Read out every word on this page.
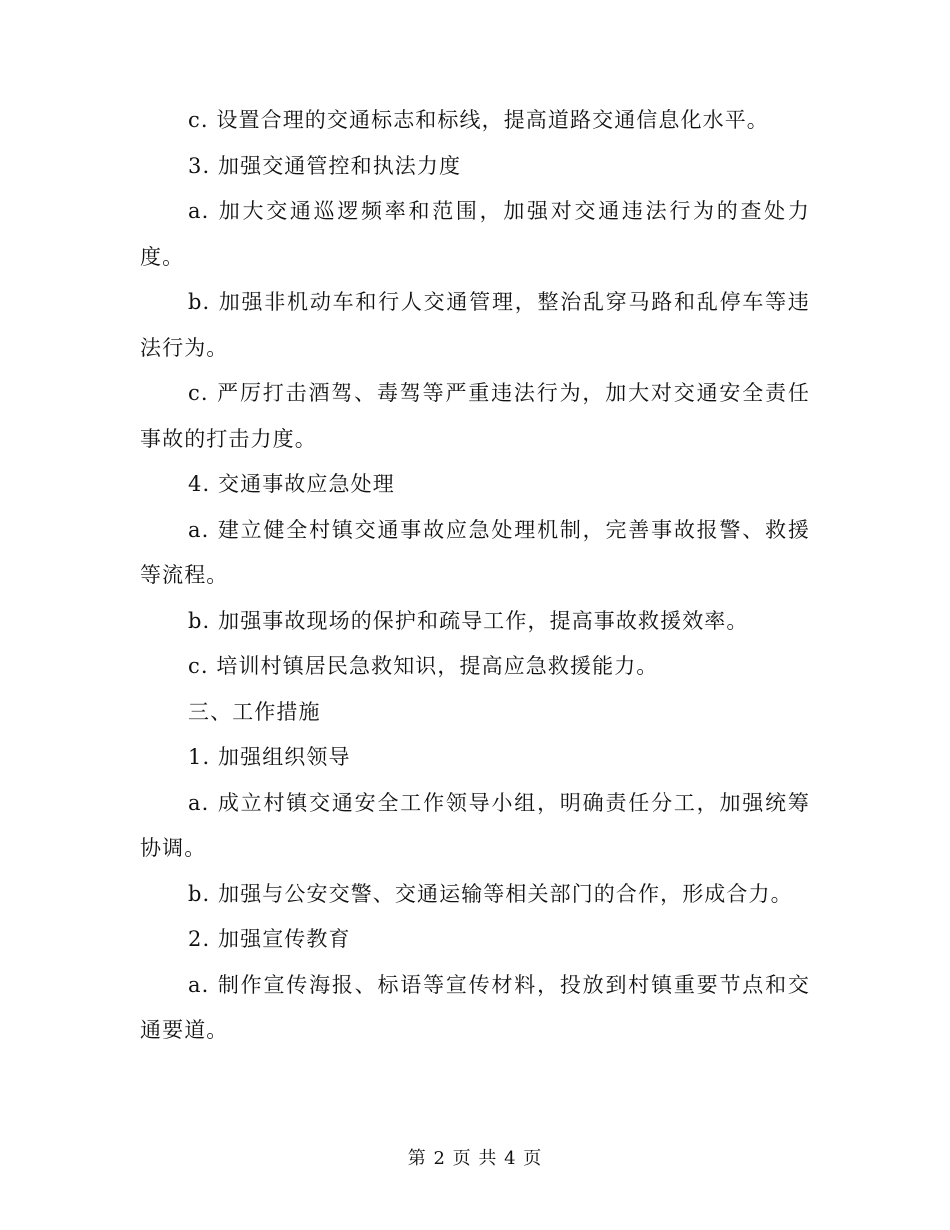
c. 设置合理的交通标志和标线，提高道路交通信息化水平。

3. 加强交通管控和执法力度

a. 加大交通巡逻频率和范围，加强对交通违法行为的查处力度。

b. 加强非机动车和行人交通管理，整治乱穿马路和乱停车等违法行为。

c. 严厉打击酒驾、毒驾等严重违法行为，加大对交通安全责任事故的打击力度。

4. 交通事故应急处理

a. 建立健全村镇交通事故应急处理机制，完善事故报警、救援等流程。

b. 加强事故现场的保护和疏导工作，提高事故救援效率。

c. 培训村镇居民急救知识，提高应急救援能力。

三、工作措施

1. 加强组织领导

a. 成立村镇交通安全工作领导小组，明确责任分工，加强统筹协调。

b. 加强与公安交警、交通运输等相关部门的合作，形成合力。

2. 加强宣传教育

a. 制作宣传海报、标语等宣传材料，投放到村镇重要节点和交通要道。

第 2 页 共 4 页
